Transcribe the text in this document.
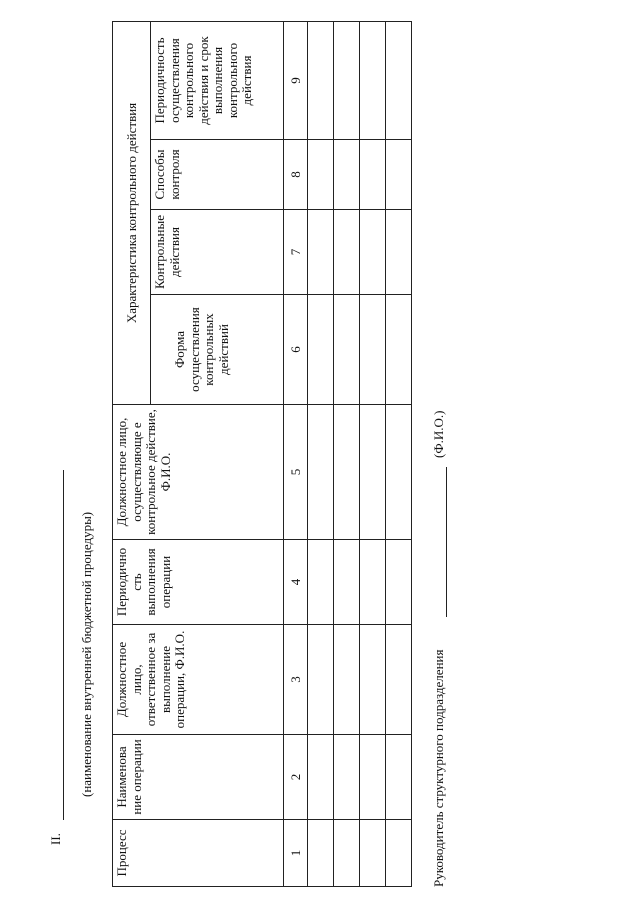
II.
(наименование внутренней бюджетной процедуры)
Процесс
Наименова ние операции
Должностное лицо, ответственное за выполнение операции, Ф.И.О.
Периодично сть выполнения операции
Должностное лицо, осуществляюще е контрольное действие, Ф.И.О.
Характеристика контрольного действия
Форма осуществления контрольных действий
Контрольные действия
Способы контроля
Периодичность осуществления контрольного действия и срок выполнения контрольного действия
1
2
3
4
5
6
7
8
9
Руководитель структурного подразделения
(Ф.И.О.)
